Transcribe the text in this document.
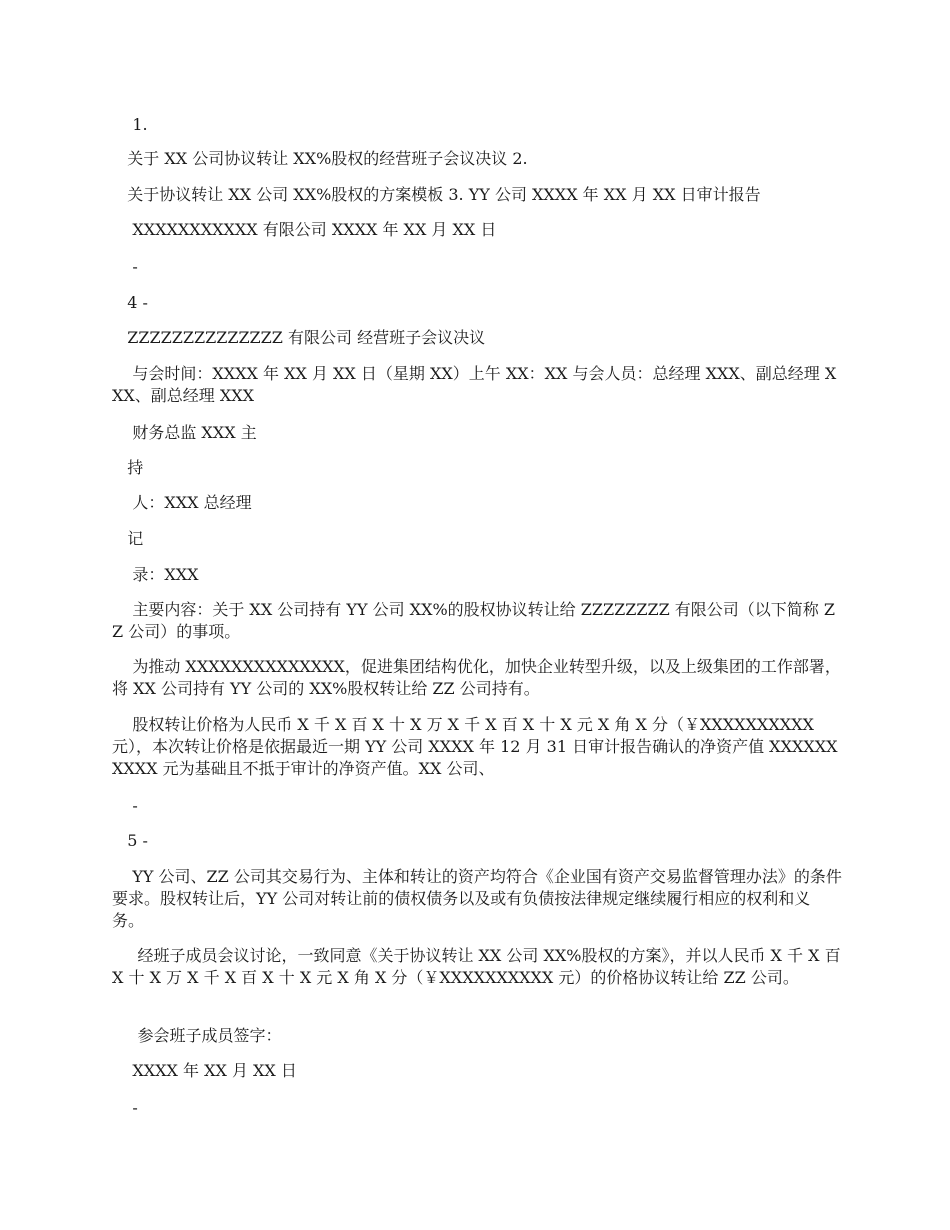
1.

关于 XX 公司协议转让 XX%股权的经营班子会议决议 2.

关于协议转让 XX 公司 XX%股权的方案模板 3. YY 公司 XXXX 年 XX 月 XX 日审计报告

XXXXXXXXXXX 有限公司 XXXX 年 XX 月 XX 日

-

4 -

ZZZZZZZZZZZZZZ 有限公司 经营班子会议决议

与会时间：XXXX 年 XX 月 XX 日（星期 XX）上午 XX：XX 与会人员：总经理 XXX、副总经理 XXX、副总经理 XXX

财务总监 XXX 主

持

人：XXX 总经理

记

录：XXX

主要内容：关于 XX 公司持有 YY 公司 XX%的股权协议转让给 ZZZZZZZZ 有限公司（以下简称 ZZ 公司）的事项。

为推动 XXXXXXXXXXXXXX，促进集团结构优化，加快企业转型升级，以及上级集团的工作部署，将 XX 公司持有 YY 公司的 XX%股权转让给 ZZ 公司持有。

股权转让价格为人民币 X 千 X 百 X 十 X 万 X 千 X 百 X 十 X 元 X 角 X 分（￥XXXXXXXXXX 元），本次转让价格是依据最近一期 YY 公司 XXXX 年 12 月 31 日审计报告确认的净资产值 XXXXXXXXXX 元为基础且不抵于审计的净资产值。XX 公司、

-

5 -

YY 公司、ZZ 公司其交易行为、主体和转让的资产均符合《企业国有资产交易监督管理办法》的条件要求。股权转让后，YY 公司对转让前的债权债务以及或有负债按法律规定继续履行相应的权利和义务。

经班子成员会议讨论，一致同意《关于协议转让 XX 公司 XX%股权的方案》，并以人民币 X 千 X 百 X 十 X 万 X 千 X 百 X 十 X 元 X 角 X 分（￥XXXXXXXXXX 元）的价格协议转让给 ZZ 公司。

参会班子成员签字：

XXXX 年 XX 月 XX 日

-
